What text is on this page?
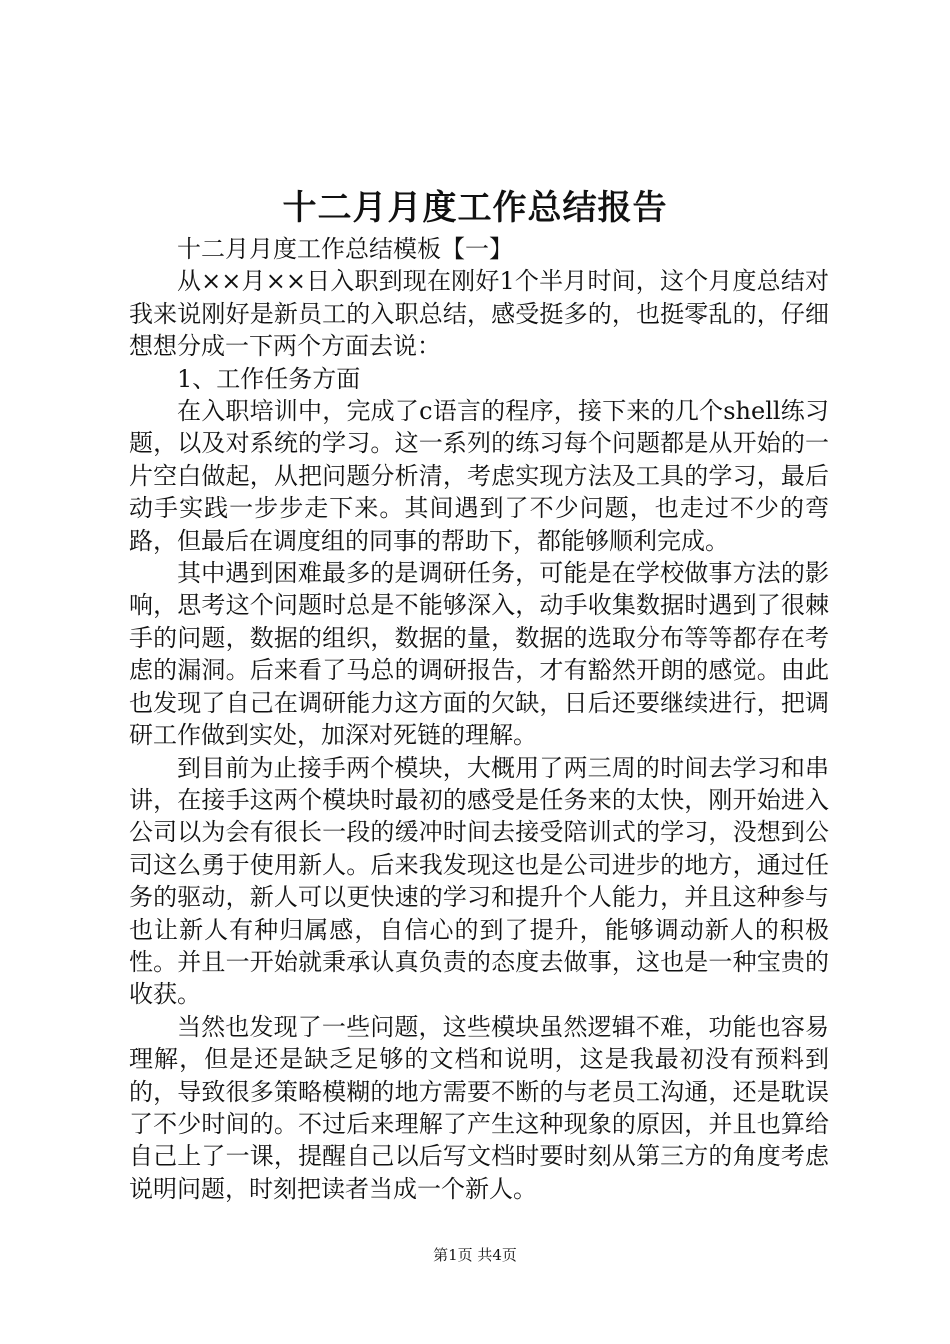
十二月月度工作总结报告

十二月月度工作总结模板【一】

从××月××日入职到现在刚好1个半月时间，这个月度总结对我来说刚好是新员工的入职总结，感受挺多的，也挺零乱的，仔细想想分成一下两个方面去说：

1、工作任务方面

在入职培训中，完成了c语言的程序，接下来的几个shell练习题，以及对系统的学习。这一系列的练习每个问题都是从开始的一片空白做起，从把问题分析清，考虑实现方法及工具的学习，最后动手实践一步步走下来。其间遇到了不少问题，也走过不少的弯路，但最后在调度组的同事的帮助下，都能够顺利完成。

其中遇到困难最多的是调研任务，可能是在学校做事方法的影响，思考这个问题时总是不能够深入，动手收集数据时遇到了很棘手的问题，数据的组织，数据的量，数据的选取分布等等都存在考虑的漏洞。后来看了马总的调研报告，才有豁然开朗的感觉。由此也发现了自己在调研能力这方面的欠缺，日后还要继续进行，把调研工作做到实处，加深对死链的理解。

到目前为止接手两个模块，大概用了两三周的时间去学习和串讲，在接手这两个模块时最初的感受是任务来的太快，刚开始进入公司以为会有很长一段的缓冲时间去接受陪训式的学习，没想到公司这么勇于使用新人。后来我发现这也是公司进步的地方，通过任务的驱动，新人可以更快速的学习和提升个人能力，并且这种参与也让新人有种归属感，自信心的到了提升，能够调动新人的积极性。并且一开始就秉承认真负责的态度去做事，这也是一种宝贵的收获。

当然也发现了一些问题，这些模块虽然逻辑不难，功能也容易理解，但是还是缺乏足够的文档和说明，这是我最初没有预料到的，导致很多策略模糊的地方需要不断的与老员工沟通，还是耽误了不少时间的。不过后来理解了产生这种现象的原因，并且也算给自己上了一课，提醒自己以后写文档时要时刻从第三方的角度考虑说明问题，时刻把读者当成一个新人。

第1页 共4页
